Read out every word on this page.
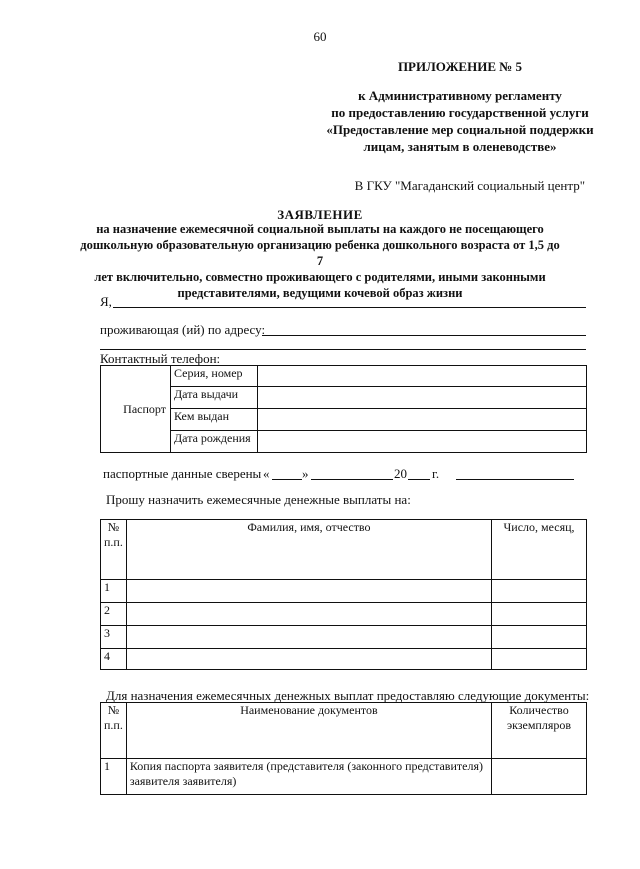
60
ПРИЛОЖЕНИЕ № 5
к Административному регламенту
по предоставлению государственной услуги
«Предоставление мер социальной поддержки
лицам, занятым в оленеводстве»
В ГКУ "Магаданский социальный центр"
ЗАЯВЛЕНИЕ
на назначение ежемесячной социальной выплаты на каждого не посещающего
дошкольную образовательную организацию ребенка дошкольного возраста от 1,5 до 7
лет включительно, совместно проживающего с родителями, иными законными
представителями, ведущими кочевой образ жизни
Я,
проживающая (ий) по адресу:
Контактный телефон:
Паспорт	Серия, номер	
	Дата выдачи	
	Кем выдан	
	Дата рождения	
паспортные данные сверены «	»	20 г.
Прошу назначить ежемесячные денежные выплаты на:
№ п.п.	Фамилия, имя, отчество	Число, месяц,
1		
2		
3		
4		
Для назначения ежемесячных денежных выплат предоставляю следующие документы:
№ п.п.	Наименование документов	Количество экземпляров
1	Копия паспорта заявителя (представителя (законного представителя) заявителя заявителя)	
